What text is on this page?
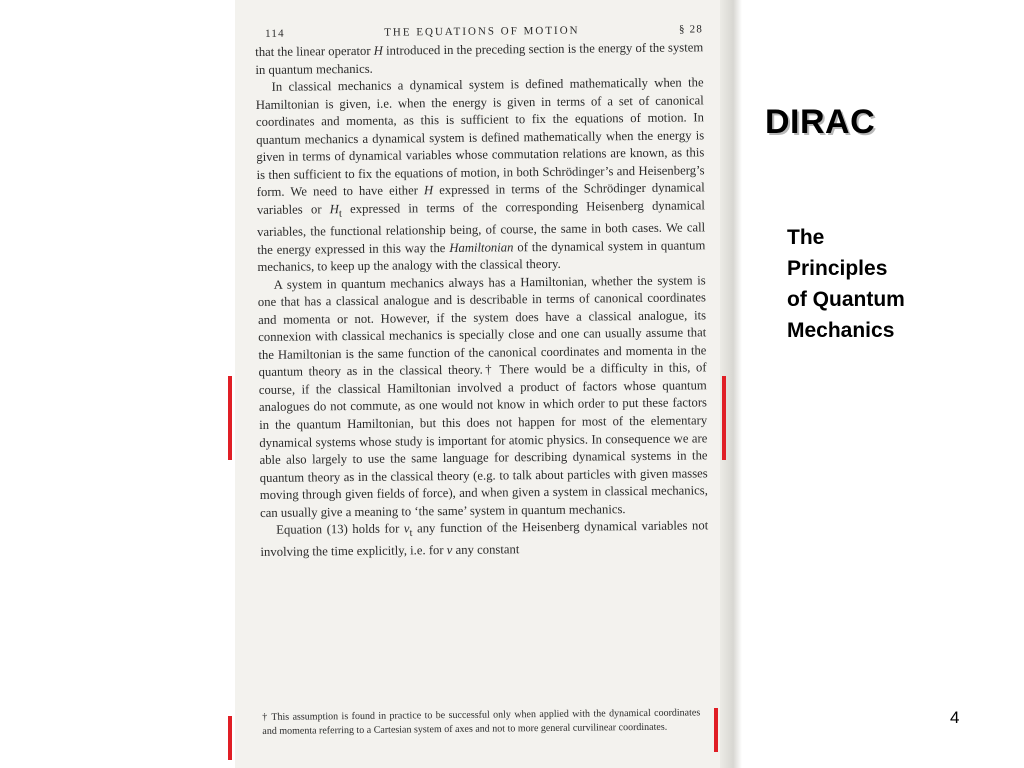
114	THE EQUATIONS OF MOTION	§ 28

that the linear operator H introduced in the preceding section is the energy of the system in quantum mechanics.

In classical mechanics a dynamical system is defined mathematically when the Hamiltonian is given, i.e. when the energy is given in terms of a set of canonical coordinates and momenta, as this is sufficient to fix the equations of motion. In quantum mechanics a dynamical system is defined mathematically when the energy is given in terms of dynamical variables whose commutation relations are known, as this is then sufficient to fix the equations of motion, in both Schrödinger’s and Heisenberg’s form. We need to have either H expressed in terms of the Schrödinger dynamical variables or $H_t$ expressed in terms of the corresponding Heisenberg dynamical variables, the functional relationship being, of course, the same in both cases. We call the energy expressed in this way the Hamiltonian of the dynamical system in quantum mechanics, to keep up the analogy with the classical theory.

A system in quantum mechanics always has a Hamiltonian, whether the system is one that has a classical analogue and is describable in terms of canonical coordinates and momenta or not. However, if the system does have a classical analogue, its connexion with classical mechanics is specially close and one can usually assume that the Hamiltonian is the same function of the canonical coordinates and momenta in the quantum theory as in the classical theory.† There would be a difficulty in this, of course, if the classical Hamiltonian involved a product of factors whose quantum analogues do not commute, as one would not know in which order to put these factors in the quantum Hamiltonian, but this does not happen for most of the elementary dynamical systems whose study is important for atomic physics. In consequence we are able also largely to use the same language for describing dynamical systems in the quantum theory as in the classical theory (e.g. to talk about particles with given masses moving through given fields of force), and when given a system in classical mechanics, can usually give a meaning to ‘the same’ system in quantum mechanics.

Equation (13) holds for $v_t$ any function of the Heisenberg dynamical variables not involving the time explicitly, i.e. for v any constant

† This assumption is found in practice to be successful only when applied with the dynamical coordinates and momenta referring to a Cartesian system of axes and not to more general curvilinear coordinates.
DIRAC
The
Principles
of Quantum
Mechanics
4
